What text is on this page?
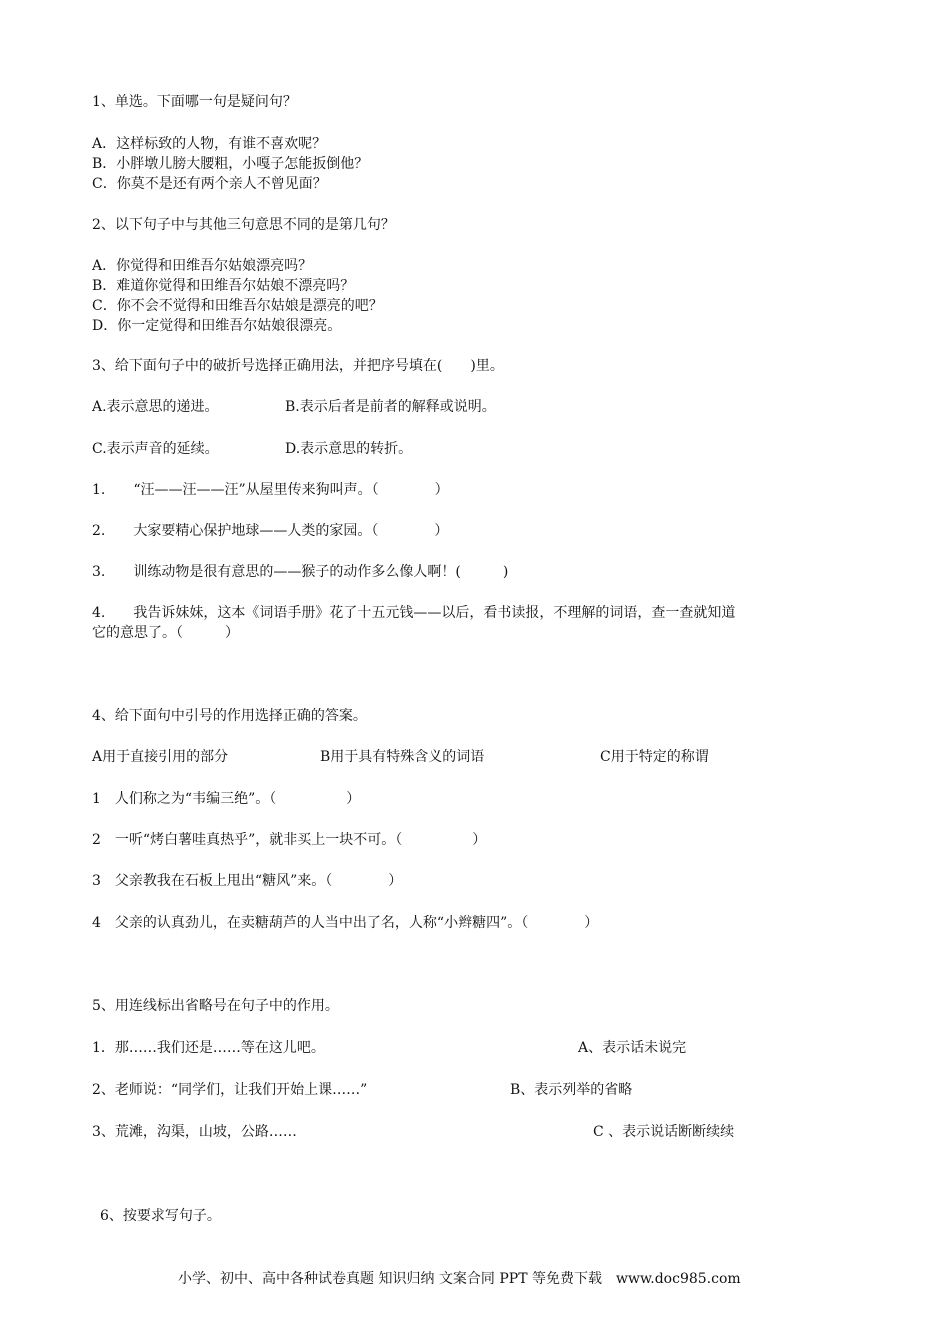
1、单选。下面哪一句是疑问句？
A．这样标致的人物，有谁不喜欢呢？
B．小胖墩儿膀大腰粗，小嘎子怎能扳倒他？
C．你莫不是还有两个亲人不曾见面？
2、以下句子中与其他三句意思不同的是第几句？
A．你觉得和田维吾尔姑娘漂亮吗？
B．难道你觉得和田维吾尔姑娘不漂亮吗？
C．你不会不觉得和田维吾尔姑娘是漂亮的吧？
D．你一定觉得和田维吾尔姑娘很漂亮。
3、给下面句子中的破折号选择正确用法，并把序号填在(　　)里。
A.表示意思的递进。	B.表示后者是前者的解释或说明。
C.表示声音的延续。	D.表示意思的转折。
1.　　“汪——汪——汪”从屋里传来狗叫声。（　　　　）
2.　　大家要精心保护地球——人类的家园。（　　　　）
3.　　训练动物是很有意思的——猴子的动作多么像人啊！(　　　)
4.　　我告诉妹妹，这本《词语手册》花了十五元钱——以后，看书读报，不理解的词语，查一查就知道
它的意思了。（　　　）
4、给下面句中引号的作用选择正确的答案。
A用于直接引用的部分	B用于具有特殊含义的词语	C用于特定的称谓
1　人们称之为“韦编三绝”。（　　　　　）
2　一听“烤白薯哇真热乎”，就非买上一块不可。（　　　　　）
3　父亲教我在石板上甩出“糖风”来。（　　　　）
4　父亲的认真劲儿，在卖糖葫芦的人当中出了名，人称“小辫糖四”。（　　　　）
5、用连线标出省略号在句子中的作用。
1．那……我们还是……等在这儿吧。	A、表示话未说完
2、老师说：“同学们，让我们开始上课……”	B、表示列举的省略
3、荒滩，沟渠，山坡，公路……	C 、表示说话断断续续
6、按要求写句子。
小学、初中、高中各种试卷真题 知识归纳 文案合同 PPT 等免费下载　www.doc985.com
